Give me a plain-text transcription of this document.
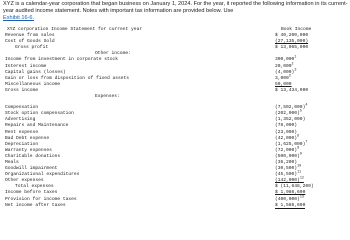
XYZ is a calendar-year corporation that began business on January 1, 2024. For the year, it reported the following information in its current-year audited income statement. Notes with important tax information are provided below. Use
Exhibit 16-6.
XYZ corporation Income Statement for current year	Book Income
Revenue from sales	$ 40,200,000
Cost of Goods Sold	(27,135,000)
Gross profit	$ 13,065,000
Other income:
Income from investment in corporate stock	300,000$^1$
Interest income	20,000$^2$
Capital gains (losses)	$(4,000)^3$
Gain or loss from disposition of fixed assets	3,000$^3$
Miscellaneous income	50,000
Gross income	$ 13,434,000
Expenses:
Compensation	$(7,502,000)^4$
Stock option compensation	$(202,000)^5$
Advertising	(1,352,000)
Repairs and Maintenance	(76,000)
Rent expense	(23,000)
Bad Debt expense	$(42,000)^6$
Depreciation	$(1,625,000)^7$
Warranty expenses	$(72,000)^8$
Charitable donations	$(500,000)^9$
Meals	(36,200)
Goodwill impairment	$(30,500)^{10}$
Organizational expenditures	$(45,500)^{11}$
Other expenses	$(142,000)^{12}$
Total expenses	$ (11,648,200)
Income before taxes	$ 1,986,600
Provision for income taxes	$(400,000)^{13}$
Net income after taxes	$ 1,586,600
